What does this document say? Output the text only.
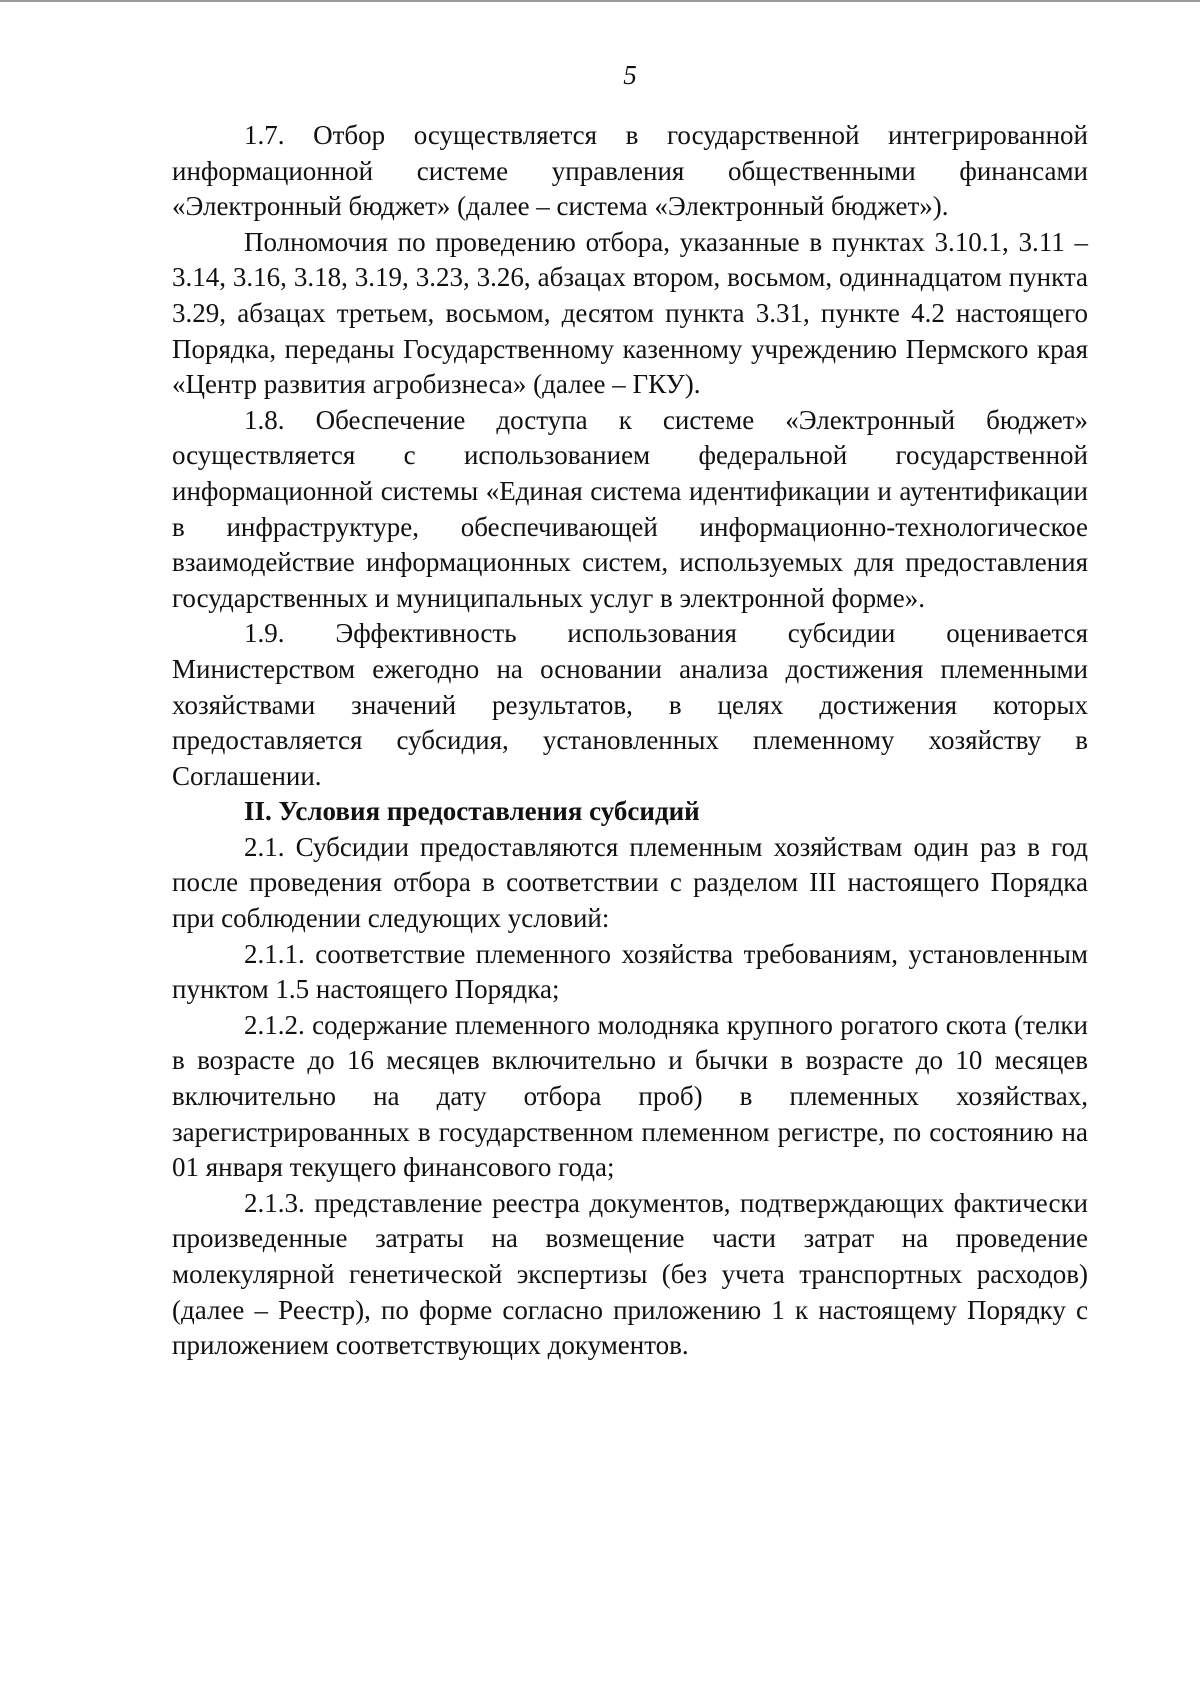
5

1.7. Отбор осуществляется в государственной интегрированной информационной системе управления общественными финансами «Электронный бюджет» (далее – система «Электронный бюджет»).

Полномочия по проведению отбора, указанные в пунктах 3.10.1, 3.11 – 3.14, 3.16, 3.18, 3.19, 3.23, 3.26, абзацах втором, восьмом, одиннадцатом пункта 3.29, абзацах третьем, восьмом, десятом пункта 3.31, пункте 4.2 настоящего Порядка, переданы Государственному казенному учреждению Пермского края «Центр развития агробизнеса» (далее – ГКУ).

1.8. Обеспечение доступа к системе «Электронный бюджет» осуществляется с использованием федеральной государственной информационной системы «Единая система идентификации и аутентификации в инфраструктуре, обеспечивающей информационно-технологическое взаимодействие информационных систем, используемых для предоставления государственных и муниципальных услуг в электронной форме».

1.9. Эффективность использования субсидии оценивается Министерством ежегодно на основании анализа достижения племенными хозяйствами значений результатов, в целях достижения которых предоставляется субсидия, установленных племенному хозяйству в Соглашении.

II. Условия предоставления субсидий

2.1. Субсидии предоставляются племенным хозяйствам один раз в год после проведения отбора в соответствии с разделом III настоящего Порядка при соблюдении следующих условий:

2.1.1. соответствие племенного хозяйства требованиям, установленным пунктом 1.5 настоящего Порядка;

2.1.2. содержание племенного молодняка крупного рогатого скота (телки в возрасте до 16 месяцев включительно и бычки в возрасте до 10 месяцев включительно на дату отбора проб) в племенных хозяйствах, зарегистрированных в государственном племенном регистре, по состоянию на 01 января текущего финансового года;

2.1.3. представление реестра документов, подтверждающих фактически произведенные затраты на возмещение части затрат на проведение молекулярной генетической экспертизы (без учета транспортных расходов) (далее – Реестр), по форме согласно приложению 1 к настоящему Порядку с приложением соответствующих документов.
